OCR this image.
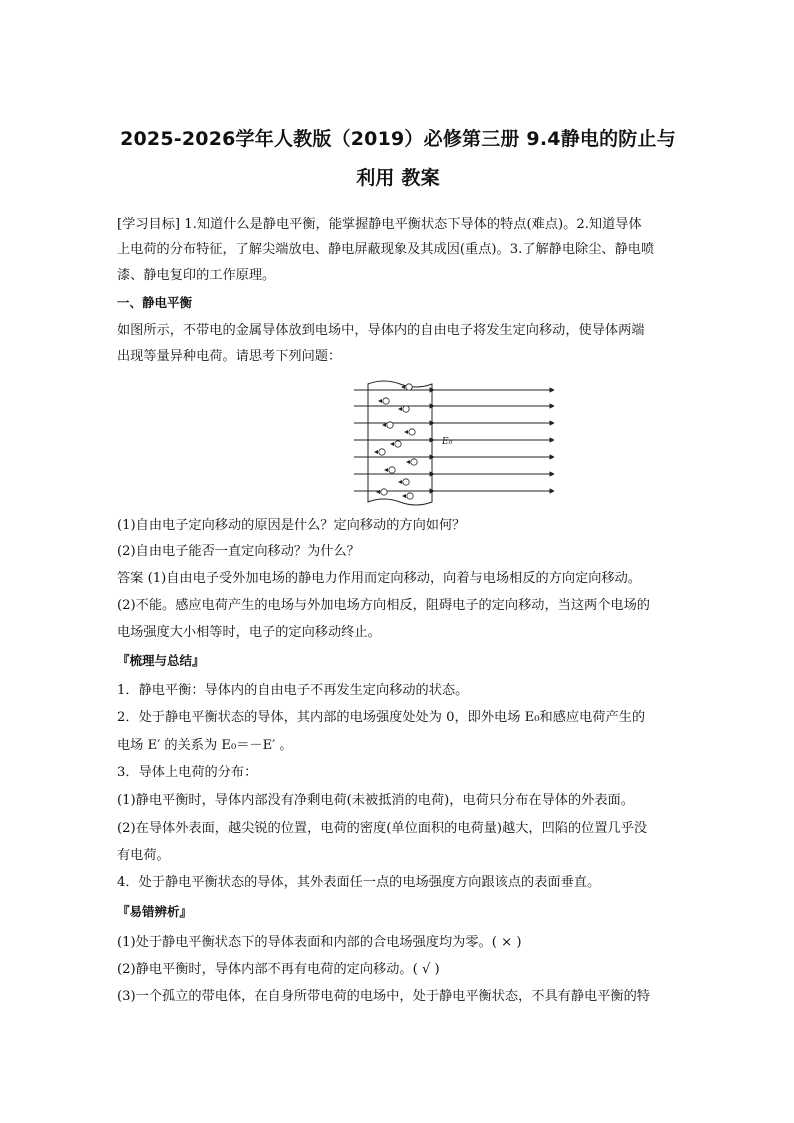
2025-2026学年人教版（2019）必修第三册 9.4静电的防止与
利用 教案
[学习目标] 1.知道什么是静电平衡，能掌握静电平衡状态下导体的特点(难点)。2.知道导体
上电荷的分布特征，了解尖端放电、静电屏蔽现象及其成因(重点)。3.了解静电除尘、静电喷
漆、静电复印的工作原理。
一、静电平衡
如图所示，不带电的金属导体放到电场中，导体内的自由电子将发生定向移动，使导体两端
出现等量异种电荷。请思考下列问题：
E₀
(1)自由电子定向移动的原因是什么？定向移动的方向如何？
(2)自由电子能否一直定向移动？为什么？
答案 (1)自由电子受外加电场的静电力作用而定向移动，向着与电场相反的方向定向移动。
(2)不能。感应电荷产生的电场与外加电场方向相反，阻碍电子的定向移动，当这两个电场的
电场强度大小相等时，电子的定向移动终止。
『梳理与总结』
1．静电平衡：导体内的自由电子不再发生定向移动的状态。
2．处于静电平衡状态的导体，其内部的电场强度处处为 0，即外电场 E₀和感应电荷产生的
电场 E′ 的关系为 E₀＝－E′ 。
3．导体上电荷的分布：
(1)静电平衡时，导体内部没有净剩电荷(未被抵消的电荷)，电荷只分布在导体的外表面。
(2)在导体外表面，越尖锐的位置，电荷的密度(单位面积的电荷量)越大，凹陷的位置几乎没
有电荷。
4．处于静电平衡状态的导体，其外表面任一点的电场强度方向跟该点的表面垂直。
『易错辨析』
(1)处于静电平衡状态下的导体表面和内部的合电场强度均为零。( × )
(2)静电平衡时，导体内部不再有电荷的定向移动。( √ )
(3)一个孤立的带电体，在自身所带电荷的电场中，处于静电平衡状态，不具有静电平衡的特
